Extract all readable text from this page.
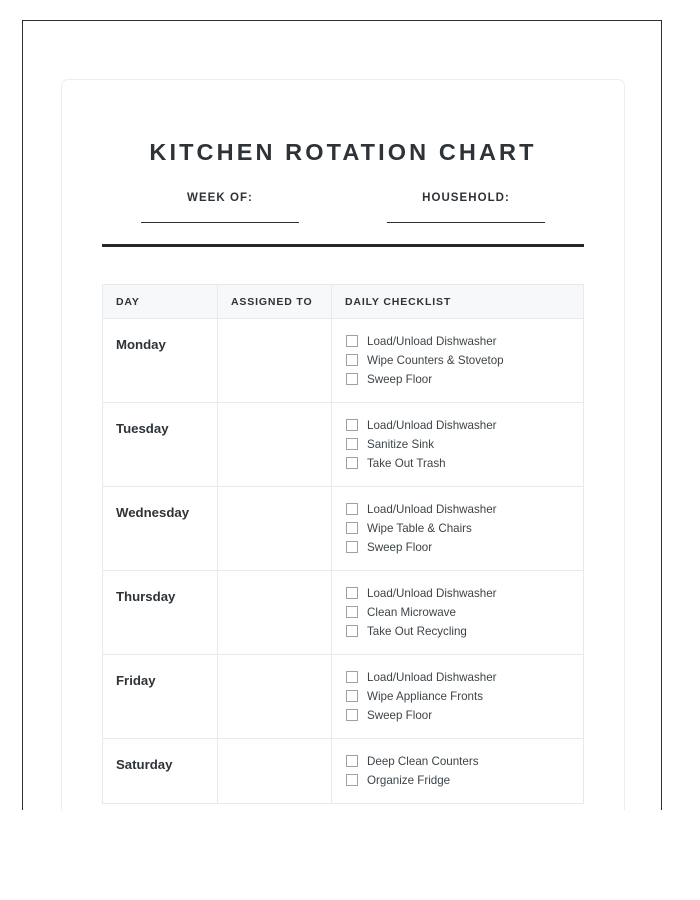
KITCHEN ROTATION CHART
WEEK OF:	HOUSEHOLD:
DAY	ASSIGNED TO	DAILY CHECKLIST
Monday		Load/Unload Dishwasher
Wipe Counters & Stovetop
Sweep Floor

Tuesday		Load/Unload Dishwasher
Sanitize Sink
Take Out Trash

Wednesday		Load/Unload Dishwasher
Wipe Table & Chairs
Sweep Floor

Thursday		Load/Unload Dishwasher
Clean Microwave
Take Out Recycling

Friday		Load/Unload Dishwasher
Wipe Appliance Fronts
Sweep Floor

Saturday		Deep Clean Counters
Organize Fridge
